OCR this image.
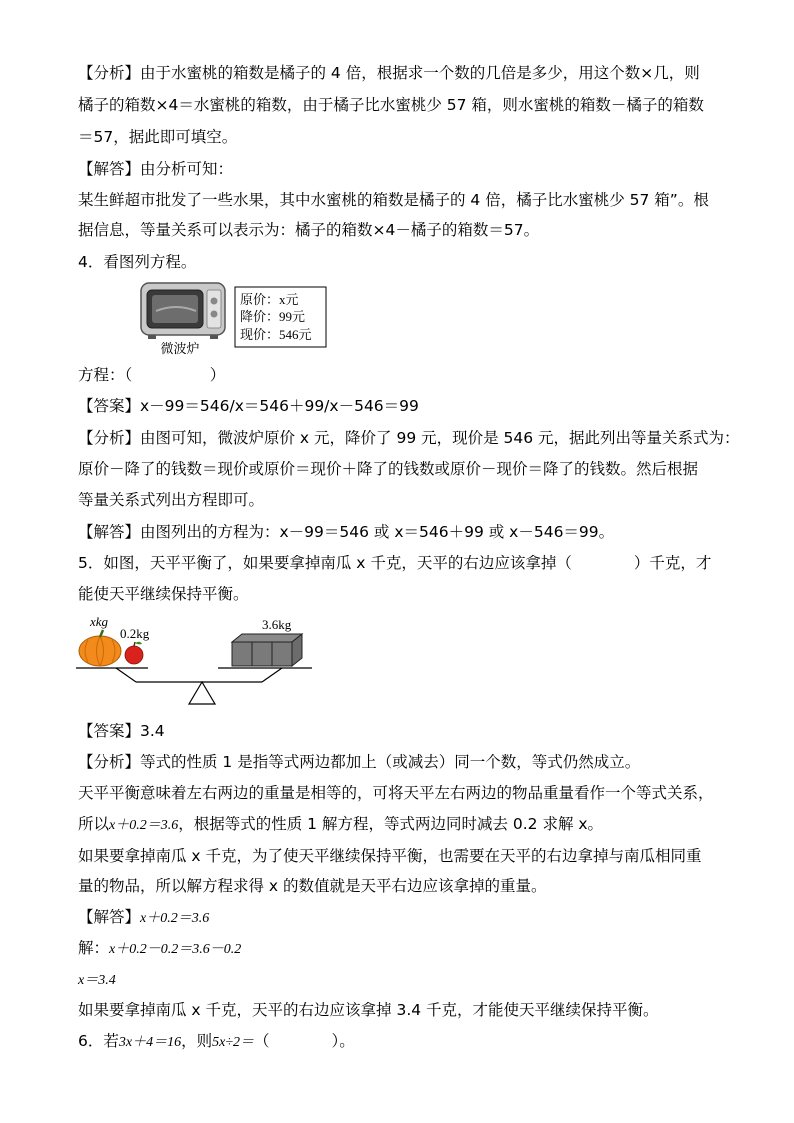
【分析】由于水蜜桃的箱数是橘子的 4 倍，根据求一个数的几倍是多少，用这个数×几，则
橘子的箱数×4＝水蜜桃的箱数，由于橘子比水蜜桃少 57 箱，则水蜜桃的箱数－橘子的箱数
＝57，据此即可填空。
【解答】由分析可知：
某生鲜超市批发了一些水果，其中水蜜桃的箱数是橘子的 4 倍，橘子比水蜜桃少 57 箱”。根
据信息，等量关系可以表示为：橘子的箱数×4－橘子的箱数＝57。
4．看图列方程。
微波炉
原价：x元
降价：99元
现价：546元
方程：（　　　　　）
【答案】x－99＝546/x＝546＋99/x－546＝99
【分析】由图可知，微波炉原价 x 元，降价了 99 元，现价是 546 元，据此列出等量关系式为：
原价－降了的钱数＝现价或原价＝现价＋降了的钱数或原价－现价＝降了的钱数。然后根据
等量关系式列出方程即可。
【解答】由图列出的方程为：x－99＝546 或 x＝546＋99 或 x－546＝99。
5．如图，天平平衡了，如果要拿掉南瓜 x 千克，天平的右边应该拿掉（　　　　）千克，才
能使天平继续保持平衡。
xkg
0.2kg
3.6kg
【答案】3.4
【分析】等式的性质 1 是指等式两边都加上（或减去）同一个数，等式仍然成立。
天平平衡意味着左右两边的重量是相等的，可将天平左右两边的物品重量看作一个等式关系，
所以x＋0.2＝3.6，根据等式的性质 1 解方程，等式两边同时减去 0.2 求解 x。
如果要拿掉南瓜 x 千克，为了使天平继续保持平衡，也需要在天平的右边拿掉与南瓜相同重
量的物品，所以解方程求得 x 的数值就是天平右边应该拿掉的重量。
【解答】x＋0.2＝3.6
解：x＋0.2－0.2＝3.6－0.2
x＝3.4
如果要拿掉南瓜 x 千克，天平的右边应该拿掉 3.4 千克，才能使天平继续保持平衡。
6．若3x＋4＝16，则5x÷2＝（　　　　）。
